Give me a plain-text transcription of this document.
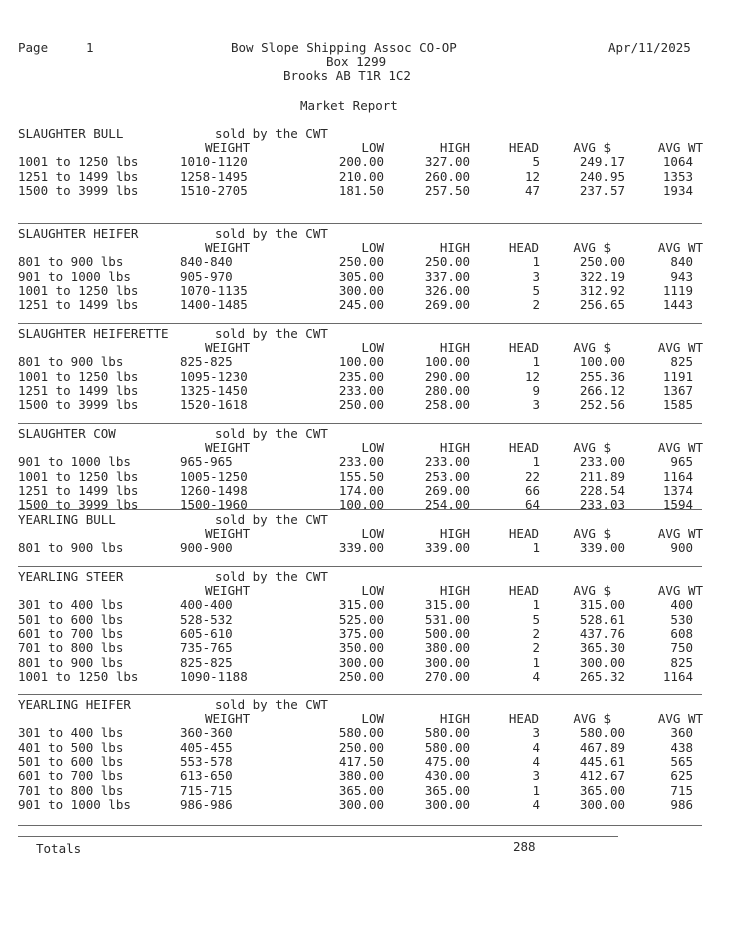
Page	1	Bow Slope Shipping Assoc CO-OP	Apr/11/2025
Box 1299
Brooks AB T1R 1C2
Market Report
SLAUGHTER BULL	sold by the CWT
WEIGHT	LOW	HIGH	HEAD	AVG $	AVG WT
1001 to 1250 lbs	1010-1120	200.00	327.00	5	249.17	1064
1251 to 1499 lbs	1258-1495	210.00	260.00	12	240.95	1353
1500 to 3999 lbs	1510-2705	181.50	257.50	47	237.57	1934
SLAUGHTER HEIFER	sold by the CWT
WEIGHT	LOW	HIGH	HEAD	AVG $	AVG WT
801 to 900 lbs	840-840	250.00	250.00	1	250.00	840
901 to 1000 lbs	905-970	305.00	337.00	3	322.19	943
1001 to 1250 lbs	1070-1135	300.00	326.00	5	312.92	1119
1251 to 1499 lbs	1400-1485	245.00	269.00	2	256.65	1443
SLAUGHTER HEIFERETTE	sold by the CWT
WEIGHT	LOW	HIGH	HEAD	AVG $	AVG WT
801 to 900 lbs	825-825	100.00	100.00	1	100.00	825
1001 to 1250 lbs	1095-1230	235.00	290.00	12	255.36	1191
1251 to 1499 lbs	1325-1450	233.00	280.00	9	266.12	1367
1500 to 3999 lbs	1520-1618	250.00	258.00	3	252.56	1585
SLAUGHTER COW	sold by the CWT
WEIGHT	LOW	HIGH	HEAD	AVG $	AVG WT
901 to 1000 lbs	965-965	233.00	233.00	1	233.00	965
1001 to 1250 lbs	1005-1250	155.50	253.00	22	211.89	1164
1251 to 1499 lbs	1260-1498	174.00	269.00	66	228.54	1374
1500 to 3999 lbs	1500-1960	100.00	254.00	64	233.03	1594
YEARLING BULL	sold by the CWT
WEIGHT	LOW	HIGH	HEAD	AVG $	AVG WT
801 to 900 lbs	900-900	339.00	339.00	1	339.00	900
YEARLING STEER	sold by the CWT
WEIGHT	LOW	HIGH	HEAD	AVG $	AVG WT
301 to 400 lbs	400-400	315.00	315.00	1	315.00	400
501 to 600 lbs	528-532	525.00	531.00	5	528.61	530
601 to 700 lbs	605-610	375.00	500.00	2	437.76	608
701 to 800 lbs	735-765	350.00	380.00	2	365.30	750
801 to 900 lbs	825-825	300.00	300.00	1	300.00	825
1001 to 1250 lbs	1090-1188	250.00	270.00	4	265.32	1164
YEARLING HEIFER	sold by the CWT
WEIGHT	LOW	HIGH	HEAD	AVG $	AVG WT
301 to 400 lbs	360-360	580.00	580.00	3	580.00	360
401 to 500 lbs	405-455	250.00	580.00	4	467.89	438
501 to 600 lbs	553-578	417.50	475.00	4	445.61	565
601 to 700 lbs	613-650	380.00	430.00	3	412.67	625
701 to 800 lbs	715-715	365.00	365.00	1	365.00	715
901 to 1000 lbs	986-986	300.00	300.00	4	300.00	986
Totals	288
